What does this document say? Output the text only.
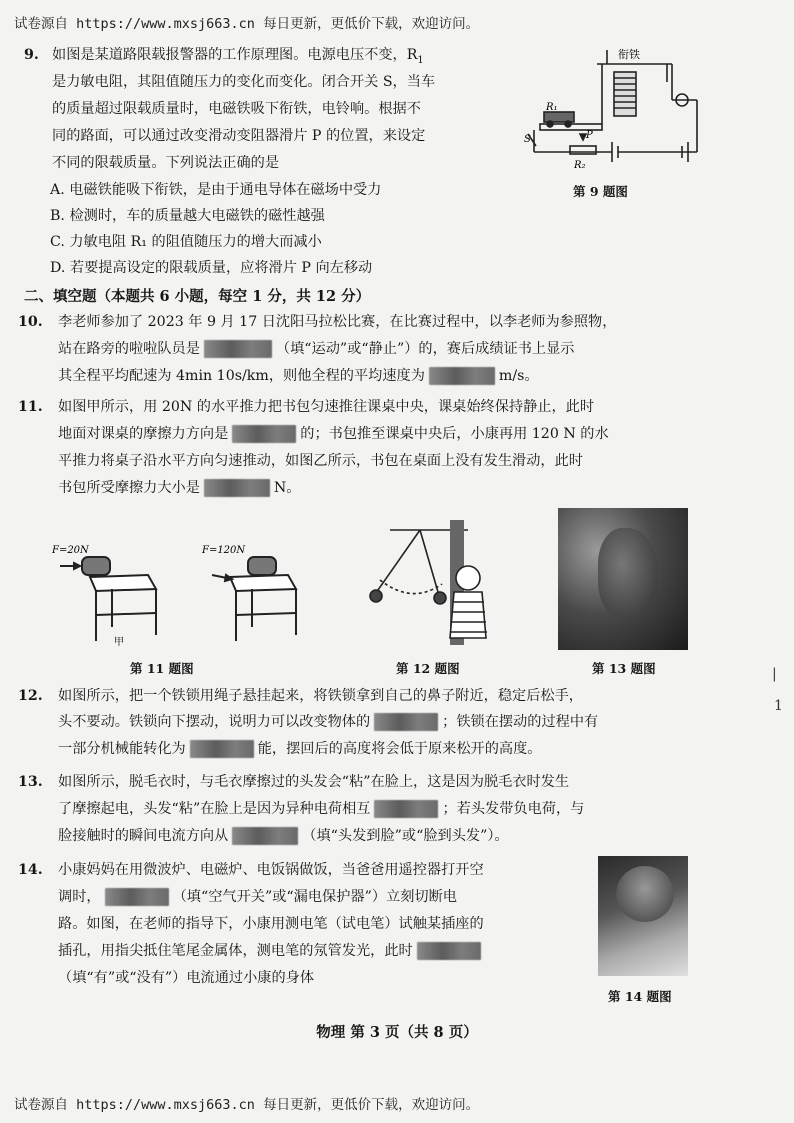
试卷源自 https://www.mxsj663.cn 每日更新，更低价下载，欢迎访问。
9. 如图是某道路限载报警器的工作原理图。电源电压不变，$R_1$
是力敏电阻，其阻值随压力的变化而变化。闭合开关 S，当车
的质量超过限载质量时，电磁铁吸下衔铁，电铃响。根据不
同的路面，可以通过改变滑动变阻器滑片 P 的位置，来设定
不同的限载质量。下列说法正确的是
A. 电磁铁能吸下衔铁，是由于通电导体在磁场中受力
B. 检测时，车的质量越大电磁铁的磁性越强
C. 力敏电阻 R₁ 的阻值随压力的增大而减小
D. 若要提高设定的限载质量，应将滑片 P 向左移动
衔铁
R₁
S	P
R₂
第 9 题图
二、填空题（本题共 6 小题，每空 1 分，共 12 分）
10. 李老师参加了 2023 年 9 月 17 日沈阳马拉松比赛，在比赛过程中，以李老师为参照物，
站在路旁的啦啦队员是	（填“运动”或“静止”）的，赛后成绩证书上显示
其全程平均配速为 4min 10s/km，则他全程的平均速度为	m/s。
11. 如图甲所示，用 20N 的水平推力把书包匀速推往课桌中央，课桌始终保持静止，此时
地面对课桌的摩擦力方向是	的；书包推至课桌中央后，小康再用 120 N 的水
平推力将桌子沿水平方向匀速推动，如图乙所示，书包在桌面上没有发生滑动，此时
书包所受摩擦力大小是	N。
F=20N	F=120N
甲
第 11 题图	第 12 题图	第 13 题图
12. 如图所示，把一个铁锁用绳子悬挂起来，将铁锁拿到自己的鼻子附近，稳定后松手，
头不要动。铁锁向下摆动，说明力可以改变物体的	；铁锁在摆动的过程中有
一部分机械能转化为	能，摆回后的高度将会低于原来松开的高度。
13. 如图所示，脱毛衣时，与毛衣摩擦过的头发会“粘”在脸上，这是因为脱毛衣时发生
了摩擦起电，头发“粘”在脸上是因为异种电荷相互	；若头发带负电荷，与
脸接触时的瞬间电流方向从	（填“头发到脸”或“脸到头发”）。
14. 小康妈妈在用微波炉、电磁炉、电饭锅做饭，当爸爸用遥控器打开空
调时，	（填“空气开关”或“漏电保护器”）立刻切断电
路。如图，在老师的指导下，小康用测电笔（试电笔）试触某插座的
插孔，用指尖抵住笔尾金属体，测电笔的氖管发光，此时
（填“有”或“没有”）电流通过小康的身体
第 14 题图
|
1
物理 第 3 页（共 8 页）
试卷源自 https://www.mxsj663.cn 每日更新，更低价下载，欢迎访问。
